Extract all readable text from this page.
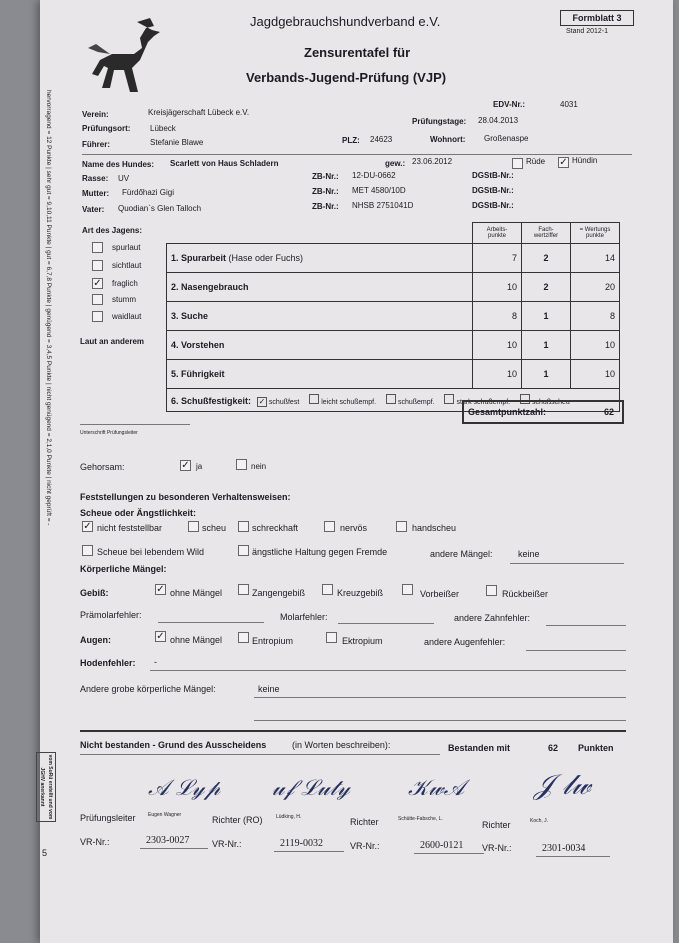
Jagdgebrauchshundverband e.V.
Zensurentafel für
Verbands-Jugend-Prüfung (VJP)
Formblatt 3
Stand 2012-1
Verein:	Kreisjägerschaft Lübeck e.V.
EDV-Nr.:	4031
Prüfungsort: Lübeck
Prüfungstage: 28.04.2013
Führer:	Stefanie Blawe	PLZ: 24623	Wohnort: Großenaspe
Name des Hundes: Scarlett von Haus Schladern	gew.: 23.06.2012	Rüde ✓ Hündin
Rasse: UV	ZB-Nr.: 12-DU-0662	DGStB-Nr.:
Mutter: Fürdőhazi Gigi	ZB-Nr.: MET 4580/10D	DGStB-Nr.:
Vater: Quodian`s Glen Talloch	ZB-Nr.: NHSB 2751041D	DGStB-Nr.:
Art des Jagens:
spurlaut
sichtlaut
✓ fraglich
stumm
waidlaut
Laut an anderem
Unterschrift Prüfungsleiter
	Arbeits- punkte	Fach- wertziffer	= Wertungs punkte
1. Spurarbeit (Hase oder Fuchs)	7	2	14
2. Nasengebrauch	10	2	20
3. Suche	8	1	8
4. Vorstehen	10	1	10
5. Führigkeit	10	1	10
6. Schußfestigkeit: ✓ schußfest leicht schußempf. schußempf. stark schußempf. schußscheu			
Gesamtpunktzahl:	62
Gehorsam:	✓ ja	nein
Feststellungen zu besonderen Verhaltensweisen:
Scheue oder Ängstlichkeit:
✓ nicht feststellbar	scheu	schreckhaft	nervös	handscheu
Scheue bei lebendem Wild	ängstliche Haltung gegen Fremde	andere Mängel:	keine
Körperliche Mängel:
Gebiß:	✓ ohne Mängel	Zangengebiß	Kreuzgebiß	Vorbeißer	Rückbeißer
Prämolarfehler:	Molarfehler:	andere Zahnfehler:
Augen:	✓ ohne Mängel	Entropium	Ektropium	andere Augenfehler:
Hodenfehler: -
Andere grobe körperliche Mängel:	keine
Nicht bestanden - Grund des Ausscheidens	(in Worten beschreiben):	Bestanden mit	62 Punkten
𝒜 ℒ𝓎𝓅 𝓊𝒻 ℒ𝓊𝓉𝓎	𝒦𝓌𝒜 𝒥 𝓁𝓌
Prüfungsleiter Eugen Wagner	Richter (RO)	Lüdking, H.	Richter	Schütte-Fabsche, L.
Richter	Koch, J.
VR-Nr.:	2303-0027	VR-Nr.:	2119-0032	VR-Nr.:	2600-0121 VR-Nr.:	2301-0034
hervorragend = 12 Punkte | sehr gut = 9,10,11 Punkte | gut = 6,7,8 Punkte | genügend = 3,4,5 Punkte | nicht genügend = 2,1,0 Punkte | nicht geprüft = -
vom SuRü erstellt und vom JGHV anerkannt
5
